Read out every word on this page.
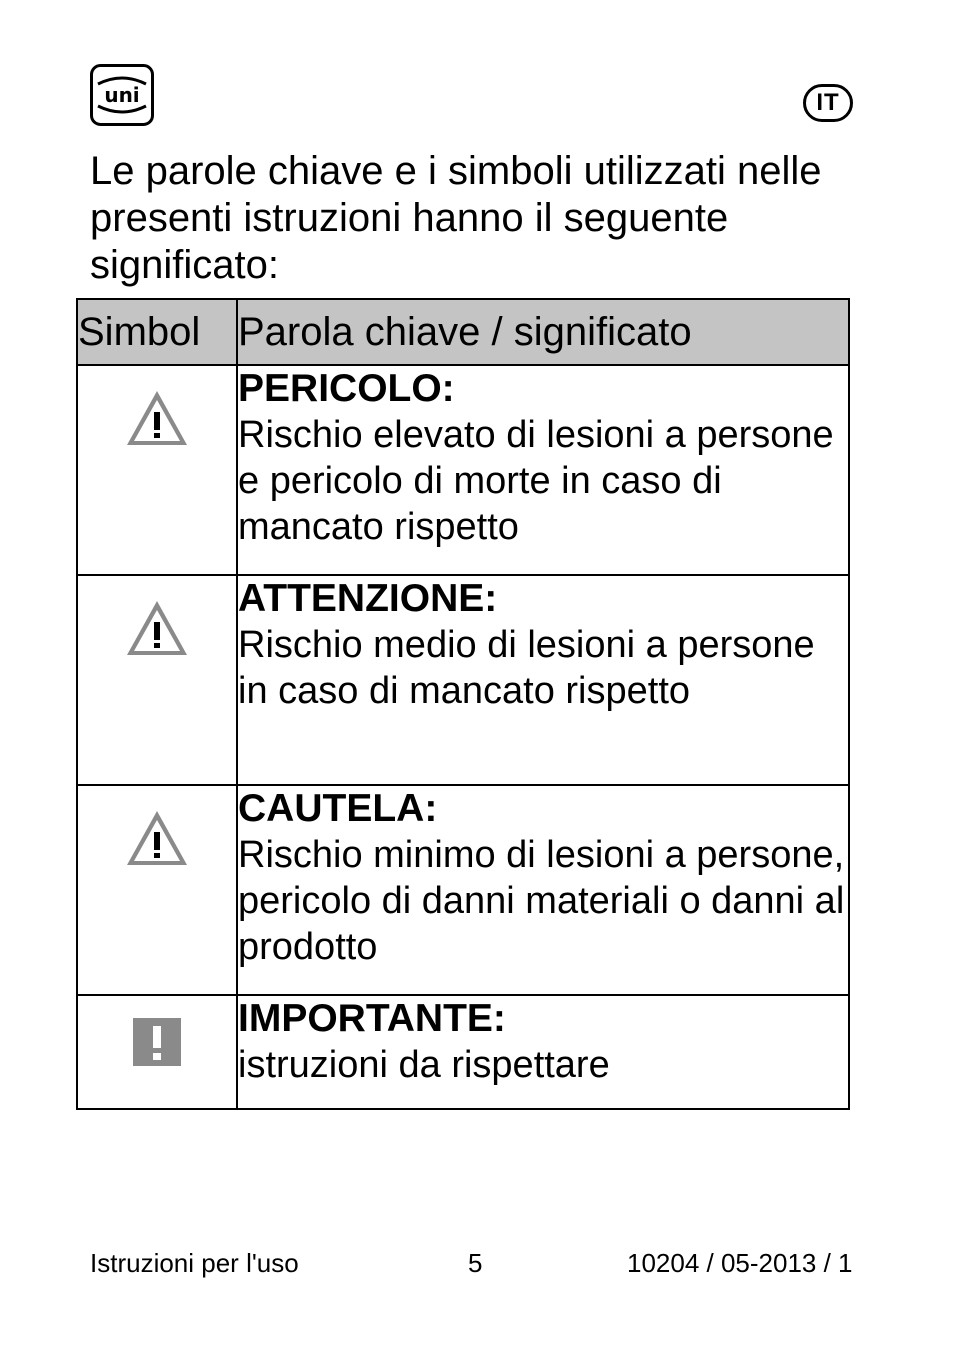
uni	IT

Le parole chiave e i simboli utilizzati nelle presenti istruzioni hanno il seguente significato:

Simbol	Parola chiave / significato

PERICOLO:
Rischio elevato di lesioni a persone e pericolo di morte in caso di mancato rispetto

ATTENZIONE:
Rischio medio di lesioni a persone in caso di mancato rispetto

CAUTELA:
Rischio minimo di lesioni a persone, pericolo di danni materiali o danni al prodotto

IMPORTANTE:
istruzioni da rispettare
Istruzioni per l'uso	5	10204 / 05-2013 / 1
